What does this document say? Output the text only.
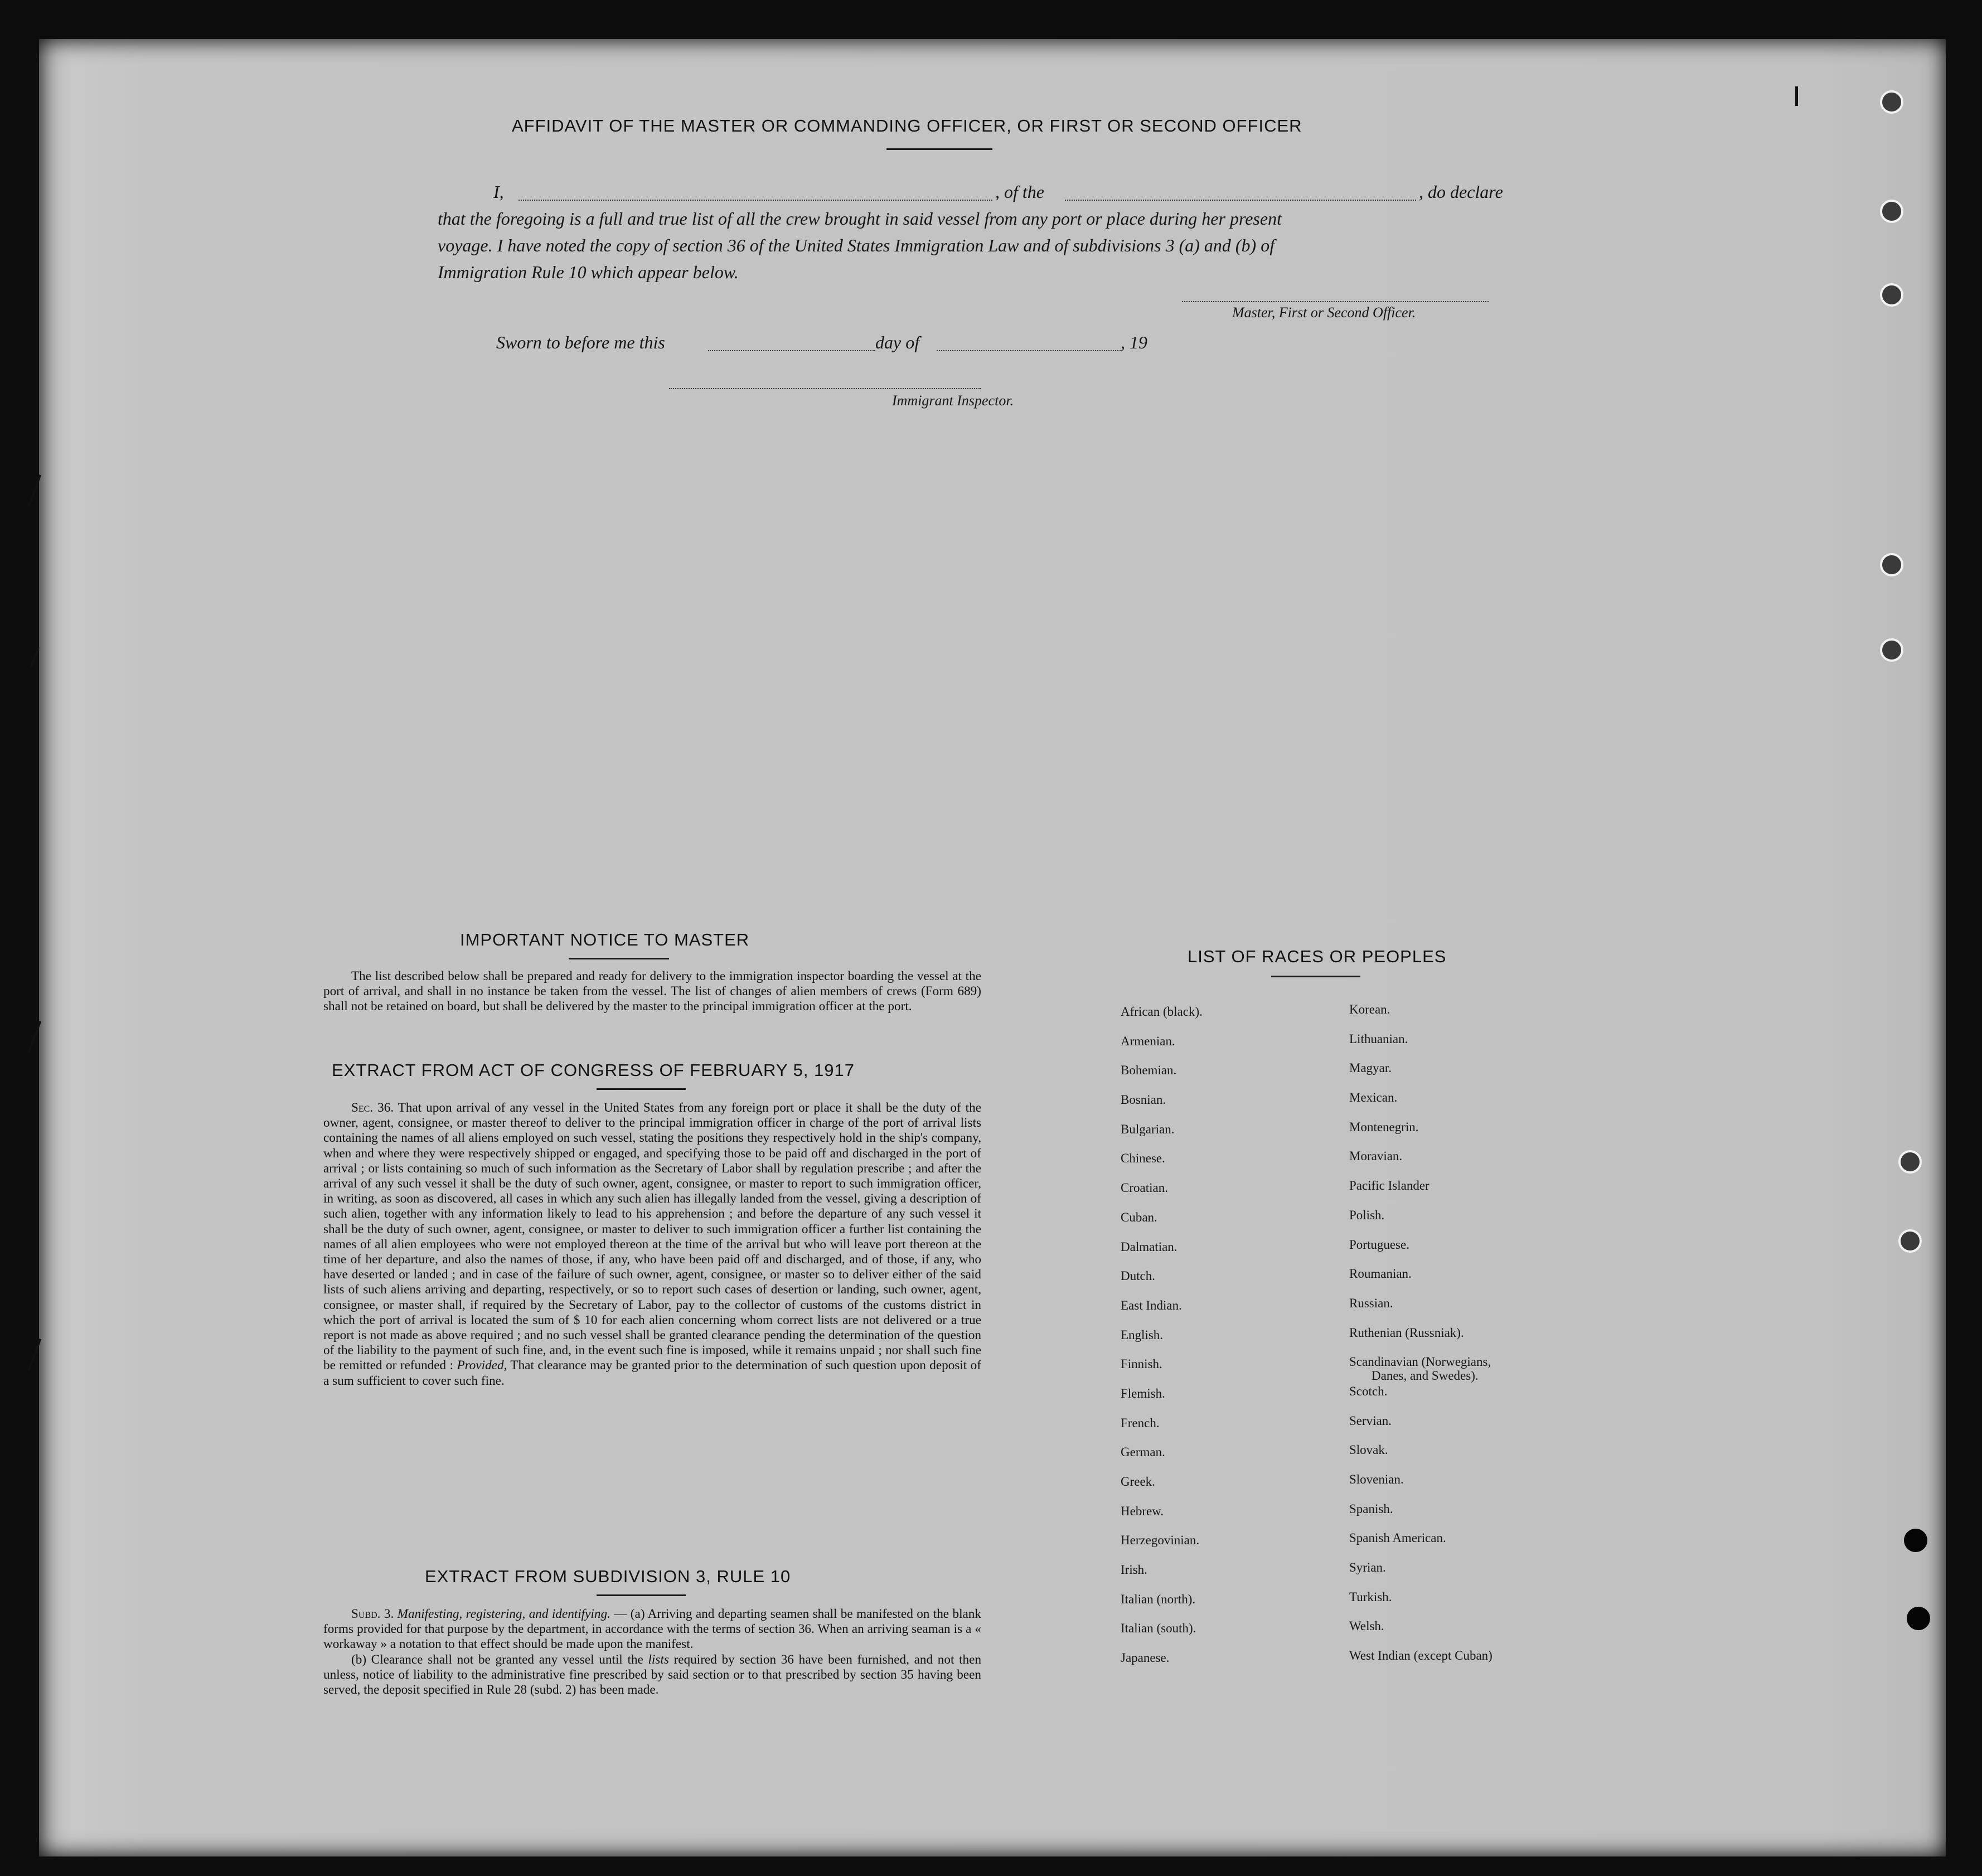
AFFIDAVIT OF THE MASTER OR COMMANDING OFFICER, OR FIRST OR SECOND OFFICER
I,	, of the	, do declare
that the foregoing is a full and true list of all the crew brought in said vessel from any port or place during her present
voyage. I have noted the copy of section 36 of the United States Immigration Law and of subdivisions 3 (a) and (b) of
Immigration Rule 10 which appear below.
Master, First or Second Officer.
Sworn to before me this	day of	, 19
Immigrant Inspector.
IMPORTANT NOTICE TO MASTER

The list described below shall be prepared and ready for delivery to the immigration inspector boarding the vessel at the port of arrival, and shall in no instance be taken from the vessel. The list of changes of alien members of crews (Form 689) shall not be retained on board, but shall be delivered by the master to the principal immigration officer at the port.

EXTRACT FROM ACT OF CONGRESS OF FEBRUARY 5, 1917

Sec. 36. That upon arrival of any vessel in the United States from any foreign port or place it shall be the duty of the owner, agent, consignee, or master thereof to deliver to the principal immigration officer in charge of the port of arrival lists containing the names of all aliens employed on such vessel, stating the positions they respectively hold in the ship's company, when and where they were respectively shipped or engaged, and specifying those to be paid off and discharged in the port of arrival ; or lists containing so much of such information as the Secretary of Labor shall by regulation prescribe ; and after the arrival of any such vessel it shall be the duty of such owner, agent, consignee, or master to report to such immigration officer, in writing, as soon as discovered, all cases in which any such alien has illegally landed from the vessel, giving a description of such alien, together with any information likely to lead to his apprehension ; and before the departure of any such vessel it shall be the duty of such owner, agent, consignee, or master to deliver to such immigration officer a further list containing the names of all alien employees who were not employed thereon at the time of the arrival but who will leave port thereon at the time of her departure, and also the names of those, if any, who have been paid off and discharged, and of those, if any, who have deserted or landed ; and in case of the failure of such owner, agent, consignee, or master so to deliver either of the said lists of such aliens arriving and departing, respectively, or so to report such cases of desertion or landing, such owner, agent, consignee, or master shall, if required by the Secretary of Labor, pay to the collector of customs of the customs district in which the port of arrival is located the sum of $ 10 for each alien concerning whom correct lists are not delivered or a true report is not made as above required ; and no such vessel shall be granted clearance pending the determination of the question of the liability to the payment of such fine, and, in the event such fine is imposed, while it remains unpaid ; nor shall such fine be remitted or refunded : Provided, That clearance may be granted prior to the determination of such question upon deposit of a sum sufficient to cover such fine.

EXTRACT FROM SUBDIVISION 3, RULE 10

Subd. 3. Manifesting, registering, and identifying. — (a) Arriving and departing seamen shall be manifested on the blank forms provided for that purpose by the department, in accordance with the terms of section 36. When an arriving seaman is a « workaway » a notation to that effect should be made upon the manifest.

(b) Clearance shall not be granted any vessel until the lists required by section 36 have been furnished, and not then unless, notice of liability to the administrative fine prescribed by said section or to that prescribed by section 35 having been served, the deposit specified in Rule 28 (subd. 2) has been made.

LIST OF RACES OR PEOPLES
African (black).
Armenian.
Bohemian.
Bosnian.
Bulgarian.
Chinese.
Croatian.
Cuban.
Dalmatian.
Dutch.
East Indian.
English.
Finnish.
Flemish.
French.
German.
Greek.
Hebrew.
Herzegovinian.
Irish.
Italian (north).
Italian (south).
Japanese.
Korean.
Lithuanian.
Magyar.
Mexican.
Montenegrin.
Moravian.
Pacific Islander
Polish.
Portuguese.
Roumanian.
Russian.
Ruthenian (Russniak).
Scandinavian (Norwegians,
Danes, and Swedes).
Scotch.
Servian.
Slovak.
Slovenian.
Spanish.
Spanish American.
Syrian.
Turkish.
Welsh.
West Indian (except Cuban)
